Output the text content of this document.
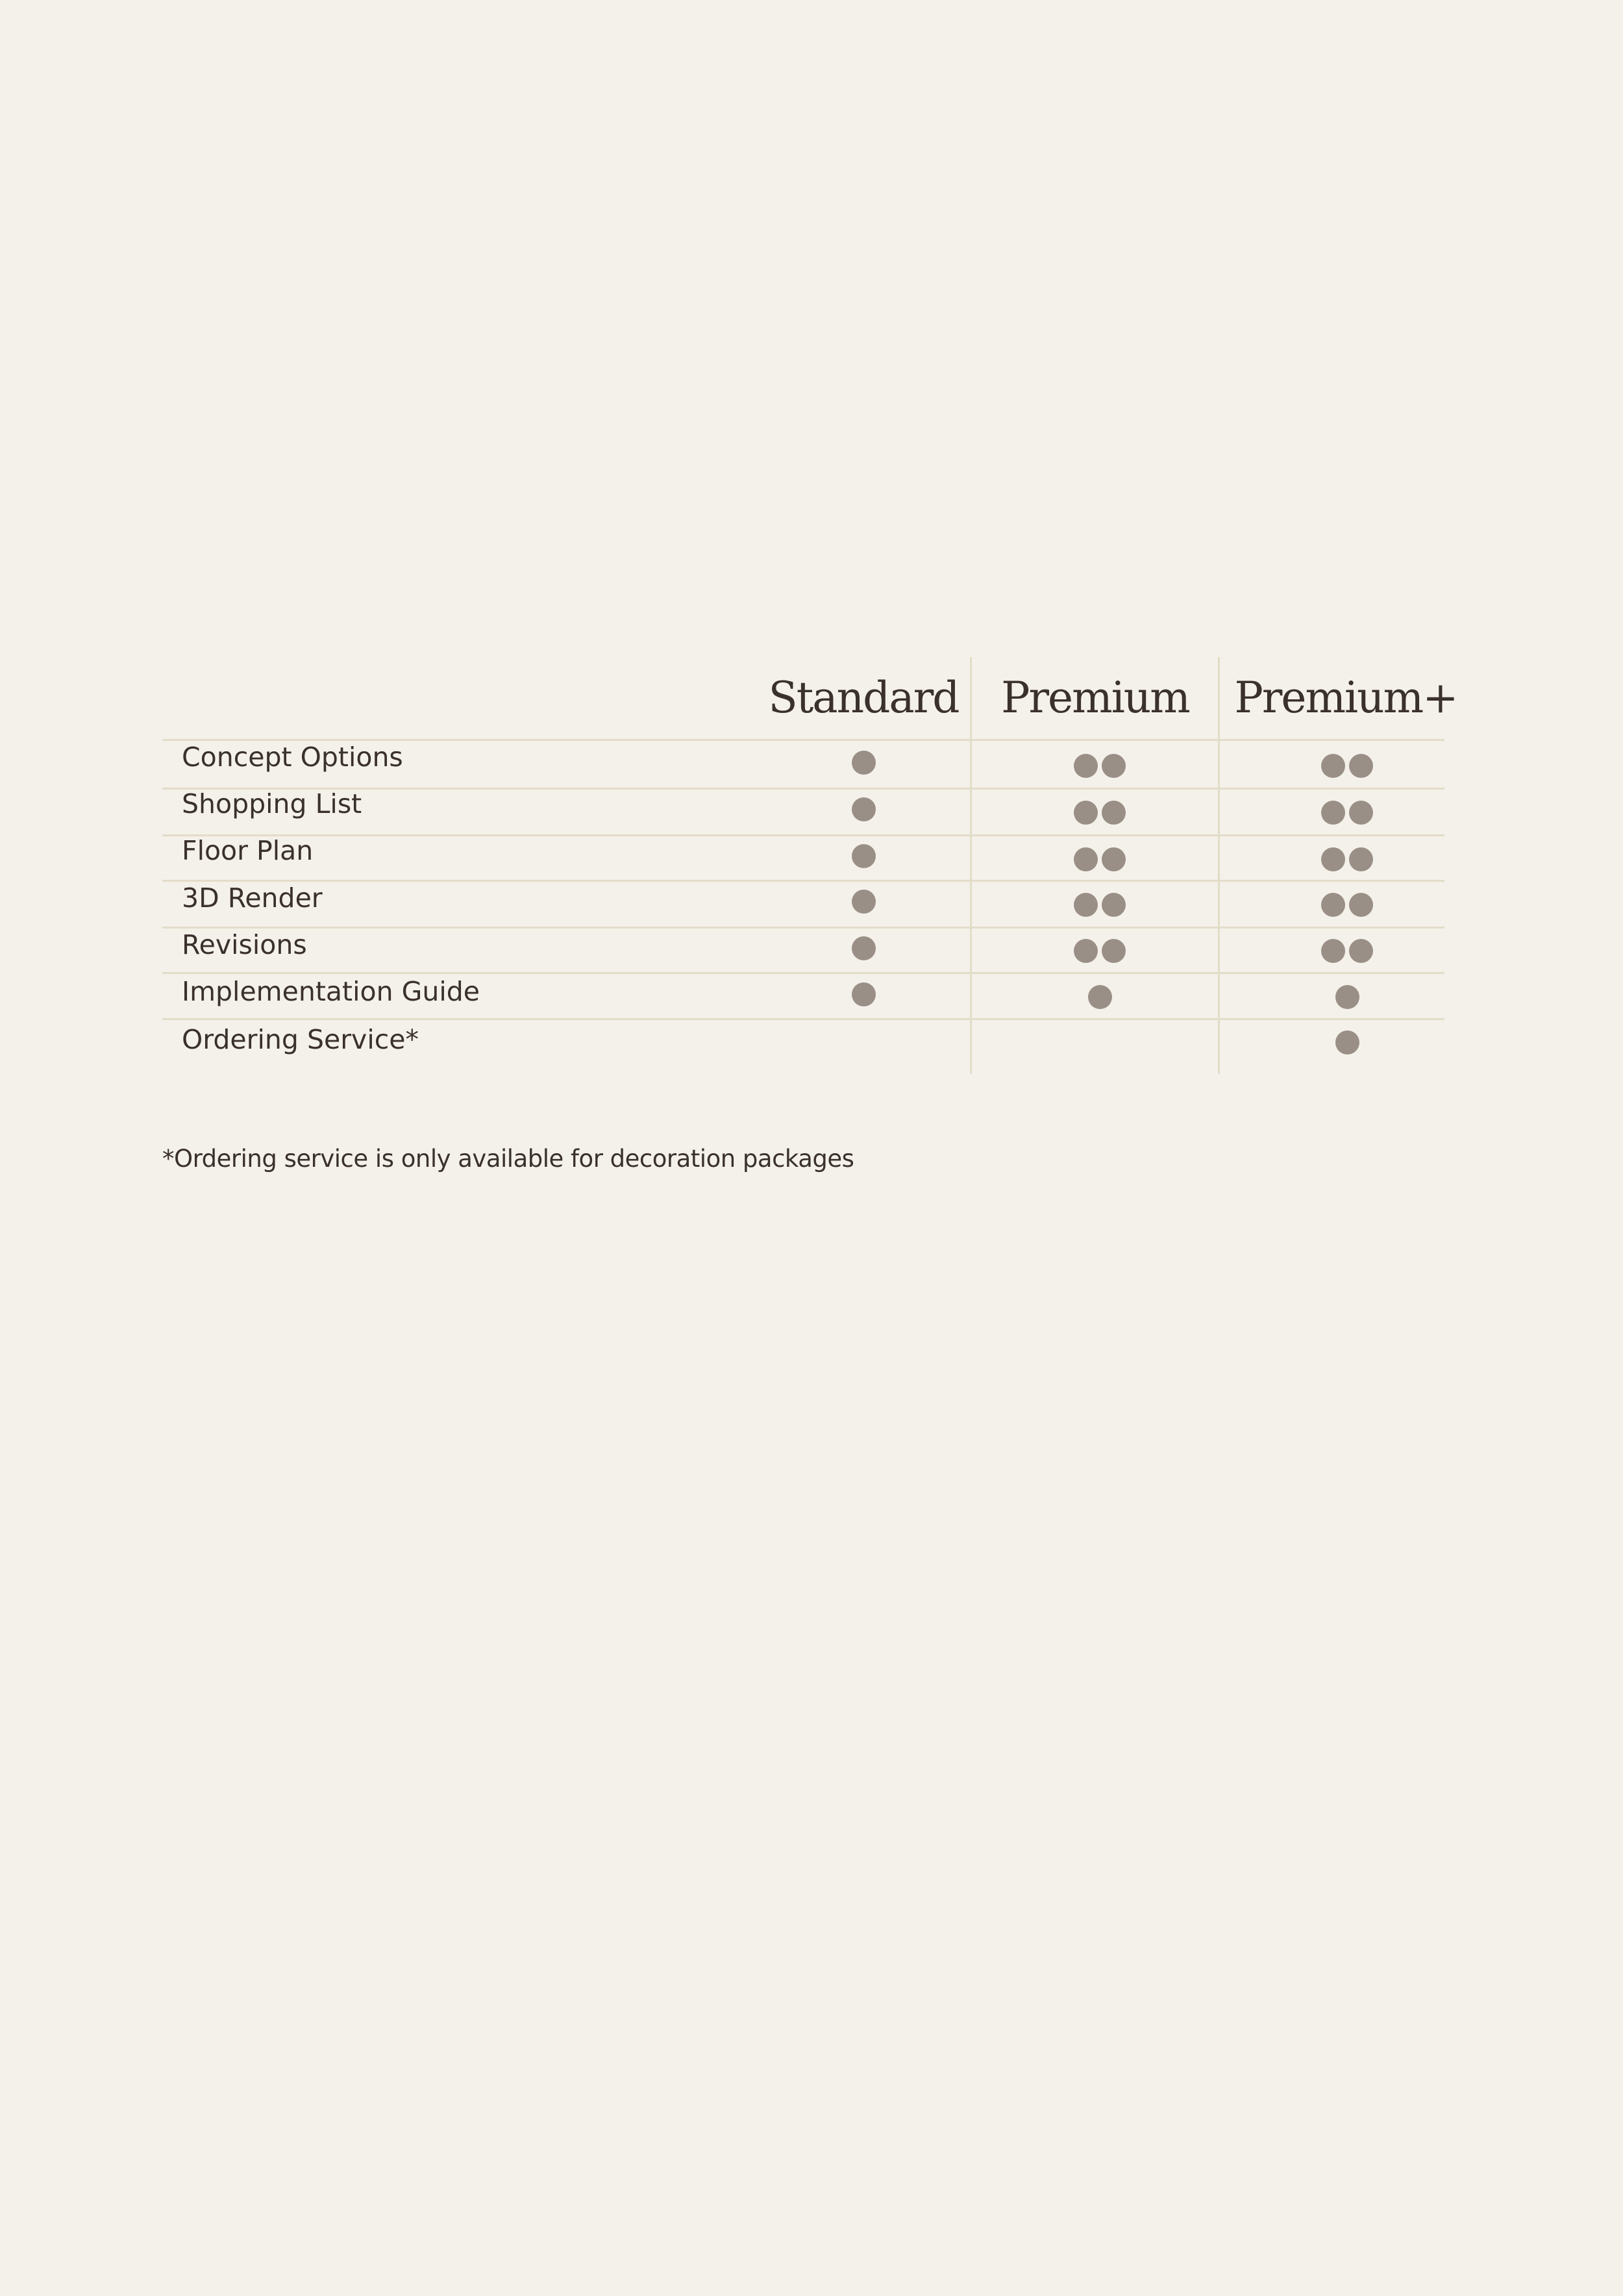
Standard Premium	Premium+
Concept Options
Shopping List
Floor Plan
3D Render
Revisions
Implementation Guide
Ordering Service*
*Ordering service is only available for decoration packages
